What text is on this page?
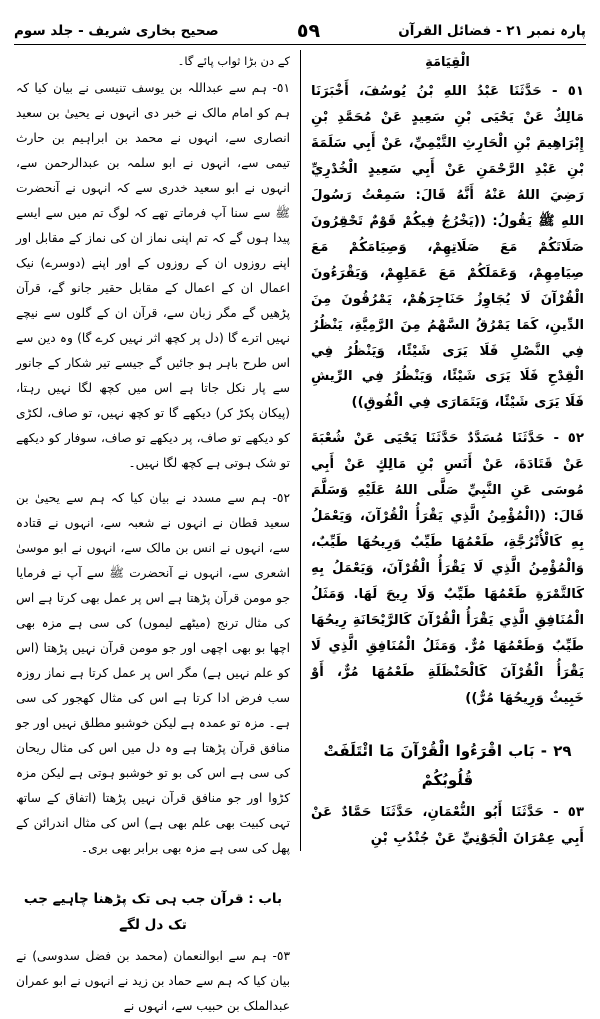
پارہ نمبر ٢١ - فضائل القرآن
٥٩
صحیح بخاری شریف - جلد سوم
الْقِيَامَةِ

٥١ - حَدَّثَنَا عَبْدُ اللهِ بْنُ يُوسُفَ، أَخْبَرَنَا مَالِكٌ عَنْ يَحْيَى بْنِ سَعِيدٍ عَنْ مُحَمَّدِ بْنِ إِبْرَاهِيمَ بْنِ الْحَارِثِ التَّيْمِيِّ، عَنْ أَبِي سَلَمَةَ بْنِ عَبْدِ الرَّحْمَنِ عَنْ أَبِي سَعِيدٍ الْخُدْرِيِّ رَضِيَ اللهُ عَنْهُ أَنَّهُ قَالَ: سَمِعْتُ رَسُولَ اللهِ ﷺ يَقُولُ: ((يَخْرُجُ فِيكُمْ قَوْمٌ تَحْقِرُونَ صَلَاتَكُمْ مَعَ صَلَاتِهِمْ، وَصِيَامَكُمْ مَعَ صِيَامِهِمْ، وَعَمَلَكُمْ مَعَ عَمَلِهِمْ، وَيَقْرَءُونَ الْقُرْآنَ لَا يُجَاوِزُ حَنَاجِرَهُمْ، يَمْرُقُونَ مِنَ الدِّينِ، كَمَا يَمْرُقُ السَّهْمُ مِنَ الرَّمِيَّةِ، يَنْظُرُ فِي النَّصْلِ فَلَا يَرَى شَيْئًا، وَيَنْظُرُ فِي الْقِدْحِ فَلَا يَرَى شَيْئًا، وَيَنْظُرُ فِي الرِّيشِ فَلَا يَرَى شَيْئًا، وَيَتَمَارَى فِي الْفُوقِ))

٥٢ - حَدَّثَنَا مُسَدَّدٌ حَدَّثَنَا يَحْيَى عَنْ شُعْبَةَ عَنْ قَتَادَةَ، عَنْ أَنَسِ بْنِ مَالِكٍ عَنْ أَبِي مُوسَى عَنِ النَّبِيِّ صَلَّى اللهُ عَلَيْهِ وَسَلَّمَ قَالَ: ((الْمُؤْمِنُ الَّذِي يَقْرَأُ الْقُرْآنَ، وَيَعْمَلُ بِهِ كَالْأُتْرُجَّةِ، طَعْمُهَا طَيِّبٌ وَرِيحُهَا طَيِّبٌ، وَالْمُؤْمِنُ الَّذِي لَا يَقْرَأُ الْقُرْآنَ، وَيَعْمَلُ بِهِ كَالتَّمْرَةِ طَعْمُهَا طَيِّبٌ وَلَا رِيحَ لَهَا. وَمَثَلُ الْمُنَافِقِ الَّذِي يَقْرَأُ الْقُرْآنَ كَالرَّيْحَانَةِ رِيحُهَا طَيِّبٌ وَطَعْمُهَا مُرٌّ. وَمَثَلُ الْمُنَافِقِ الَّذِي لَا يَقْرَأُ الْقُرْآنَ كَالْحَنْظَلَةِ طَعْمُهَا مُرٌّ، أَوْ خَبِيثٌ وَرِيحُهَا مُرٌّ))

٢٩ - بَاب اقْرَءُوا الْقُرْآنَ مَا ائْتَلَفَتْ قُلُوبُكُمْ

٥٣ - حَدَّثَنَا أَبُو النُّعْمَانِ، حَدَّثَنَا حَمَّادٌ عَنْ أَبِي عِمْرَانَ الْجَوْنِيِّ عَنْ جُنْدُبِ بْنِ

کے دن بڑا ثواب پائے گا۔

٥١- ہم سے عبداللہ بن یوسف تنیسی نے بیان کیا کہ ہم کو امام مالک نے خبر دی انہوں نے یحییٰ بن سعید انصاری سے، انہوں نے محمد بن ابراہیم بن حارث تیمی سے، انہوں نے ابو سلمہ بن عبدالرحمن سے، انہوں نے ابو سعید خدری سے کہ انہوں نے آنحضرت ﷺ سے سنا آپ فرماتے تھے کہ لوگ تم میں سے ایسے پیدا ہوں گے کہ تم اپنی نماز ان کی نماز کے مقابل اور اپنے روزوں ان کے روزوں کے اور اپنے (دوسرے) نیک اعمال ان کے اعمال کے مقابل حقیر جانو گے، قرآن پڑھیں گے مگر زبان سے، قرآن ان کے گلوں سے نیچے نہیں اترے گا (دل پر کچھ اثر نہیں کرے گا) وہ دین سے اس طرح باہر ہو جائیں گے جیسے تیر شکار کے جانور سے پار نکل جاتا ہے اس میں کچھ لگا نہیں رہتا، (پیکان پکڑ کر) دیکھے گا تو کچھ نہیں، تو صاف، لکڑی کو دیکھے تو صاف، پر دیکھے تو صاف، سوفار کو دیکھے تو شک ہوتی ہے کچھ لگا نہیں۔

٥٢- ہم سے مسدد نے بیان کیا کہ ہم سے یحییٰ بن سعید قطان نے انہوں نے شعبہ سے، انہوں نے قتادہ سے، انہوں نے انس بن مالک سے، انہوں نے ابو موسیٰ اشعری سے، انہوں نے آنحضرت ﷺ سے آپ نے فرمایا جو مومن قرآن پڑھتا ہے اس پر عمل بھی کرتا ہے اس کی مثال ترنج (میٹھے لیموں) کی سی ہے مزہ بھی اچھا بو بھی اچھی اور جو مومن قرآن نہیں پڑھتا (اس کو علم نہیں ہے) مگر اس پر عمل کرتا ہے نماز روزہ سب فرض ادا کرتا ہے اس کی مثال کھجور کی سی ہے۔ مزہ تو عمدہ ہے لیکن خوشبو مطلق نہیں اور جو منافق قرآن پڑھتا ہے وہ دل میں اس کی مثال ریحان کی سی ہے اس کی بو تو خوشبو ہوتی ہے لیکن مزہ کڑوا اور جو منافق قرآن نہیں پڑھتا (اتفاق کے ساتھ تہی کبیت بھی علم بھی ہے) اس کی مثال اندرائن کے پھل کی سی ہے مزہ بھی برابر بھی بری۔

باب : قرآن جب ہی تک پڑھنا چاہیے جب تک دل لگے

٥٣- ہم سے ابوالنعمان (محمد بن فضل سدوسی) نے بیان کیا کہ ہم سے حماد بن زید نے انہوں نے ابو عمران عبدالملک بن حبیب سے، انہوں نے
